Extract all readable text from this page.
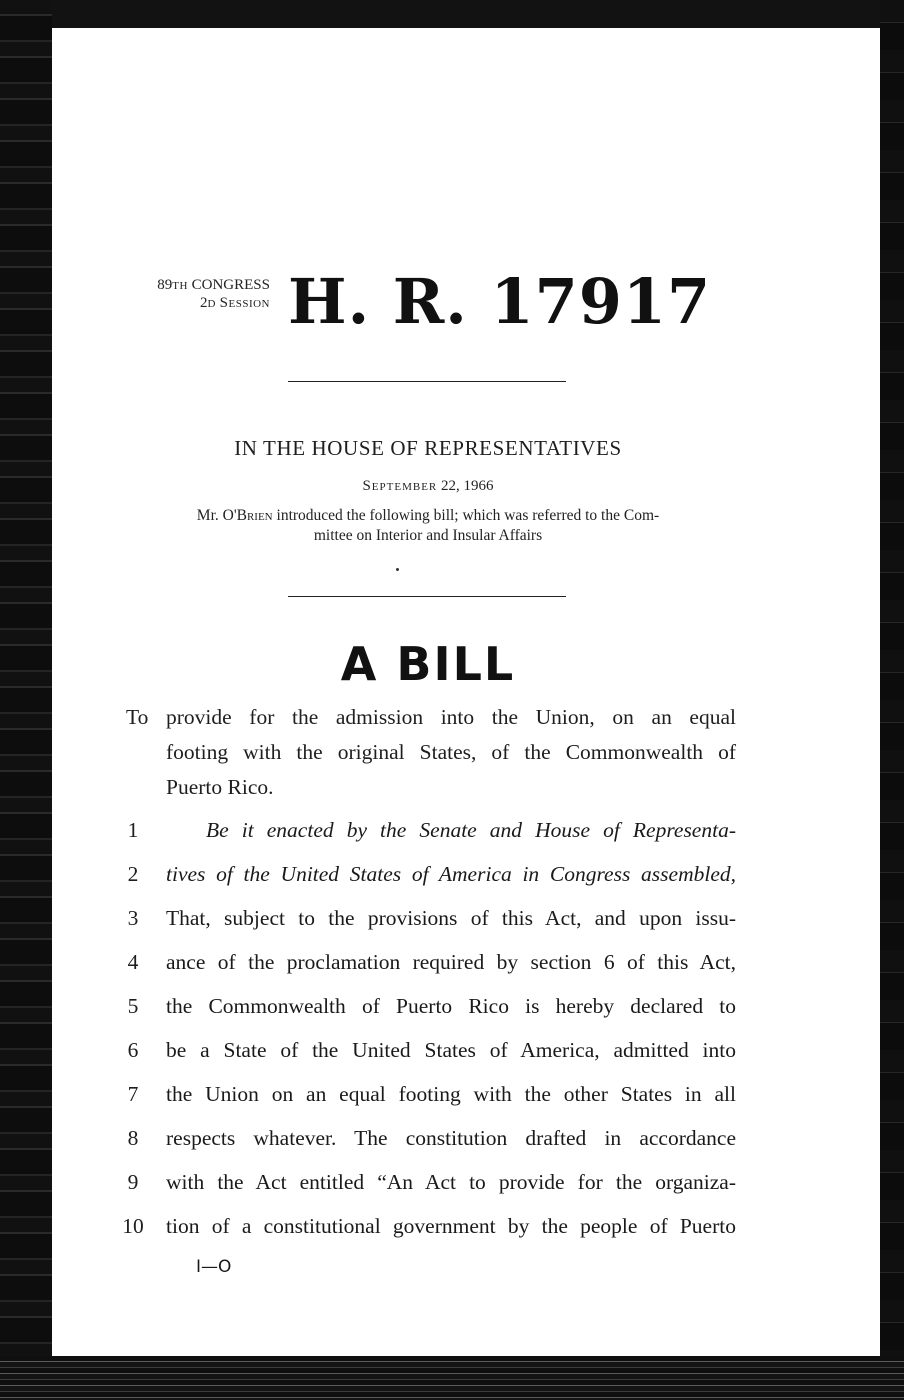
89th CONGRESS
2d Session H. R. 17917
IN THE HOUSE OF REPRESENTATIVES
September 22, 1966
Mr. O'Brien introduced the following bill; which was referred to the Com-
mittee on Interior and Insular Affairs
A BILL
To provide for the admission into the Union, on an equal
footing with the original States, of the Commonwealth of
Puerto Rico.
1	Be it enacted by the Senate and House of Representa-
2	tives of the United States of America in Congress assembled,
3	That, subject to the provisions of this Act, and upon issu-
4	ance of the proclamation required by section 6 of this Act,
5	the Commonwealth of Puerto Rico is hereby declared to
6	be a State of the United States of America, admitted into
7	the Union on an equal footing with the other States in all
8	respects whatever. The constitution drafted in accordance
9	with the Act entitled “An Act to provide for the organiza-
10 tion of a constitutional government by the people of Puerto
I—O
